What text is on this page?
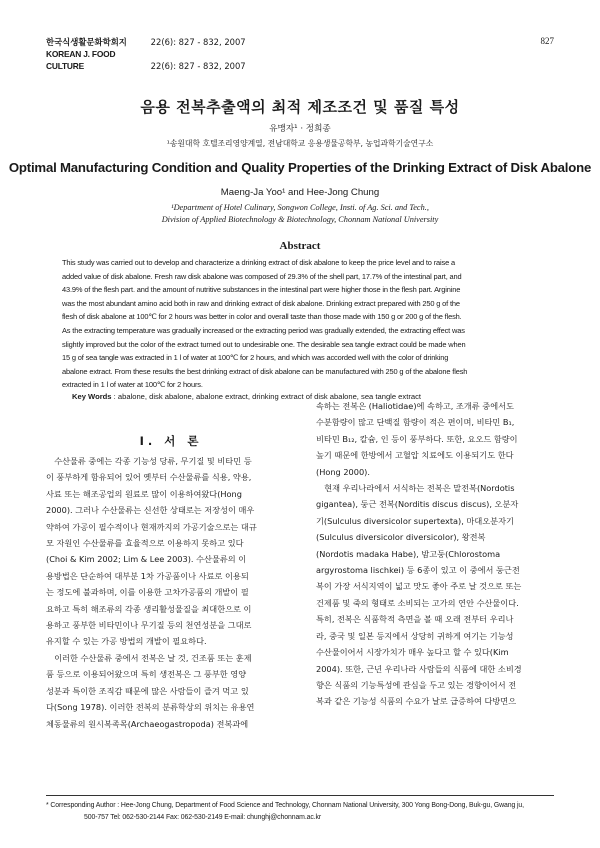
한국식생활문화학회지	22(6): 827 - 832, 2007
KOREAN J. FOOD CULTURE	22(6): 827 - 832, 2007
827
음용 전복추출액의 최적 제조조건 및 품질 특성
유맹자¹ · 정희종
¹송원대학 호텔조리영양계열, 전남대학교 응용생물공학부, 농업과학기술연구소
Optimal Manufacturing Condition and Quality Properties of the Drinking Extract of Disk Abalone
Maeng-Ja Yoo¹ and Hee-Jong Chung
¹Department of Hotel Culinary, Songwon College, Insti. of Ag. Sci. and Tech.,
Division of Applied Biotechnology & Biotechnology, Chonnam National University
Abstract
This study was carried out to develop and characterize a drinking extract of disk abalone to keep the price level and to raise a
added value of disk abalone. Fresh raw disk abalone was composed of 29.3% of the shell part, 17.7% of the intestinal part, and
43.9% of the flesh part. and the amount of nutritive substances in the intestinal part were higher those in the flesh part. Arginine
was the most abundant amino acid both in raw and drinking extract of disk abalone. Drinking extract prepared with 250 g of the
flesh of disk abalone at 100℃ for 2 hours was better in color and overall taste than those made with 150 g or 200 g of the flesh.
As the extracting temperature was gradually increased or the extracting period was gradually extended, the extracting effect was
slightly improved but the color of the extract turned out to undesirable one. The desirable sea tangle extract could be made when
15 g of sea tangle was extracted in 1 l of water at 100℃ for 2 hours, and which was accorded well with the color of drinking
abalone extract. From these results the best drinking extract of disk abalone can be manufactured with 250 g of the abalone flesh
extracted in 1 l of water at 100℃ for 2 hours.
Key Words : abalone, disk abalone, abalone extract, drinking extract of disk abalone, sea tangle extract
I. 서 론
　수산물류 중에는 각종 기능성 당류, 무기질 및 비타민 등
이 풍부하게 함유되어 있어 옛부터 수산물류를 식용, 약용,
사료 또는 해조공업의 원료로 많이 이용하여왔다(Hong
2000). 그러나 수산물류는 신선한 상태로는 저장성이 매우
약하여 가공이 필수적이나 현재까지의 가공기술으로는 대규
모 자원인 수산물류를 효율적으로 이용하지 못하고 있다
(Choi & Kim 2002; Lim & Lee 2003). 수산물류의 이
용방법은 단순하여 대부분 1차 가공품이나 사료로 이용되
는 정도에 불과하며, 이를 이용한 고차가공품의 개발이 필
요하고 특히 해조류의 각종 생리활성물질을 최대한으로 이
용하고 풍부한 비타민이나 무기질 등의 천연성분을 그대로
유지할 수 있는 가공 방법의 개발이 필요하다.
　이러한 수산물류 중에서 전복은 날 것, 건조품 또는 훈제
품 등으로 이용되어왔으며 특히 생전복은 그 풍부한 영양
성분과 특이한 조직감 때문에 많은 사람들이 즐겨 먹고 있
다(Song 1978). 이러한 전복의 분류학상의 위치는 유용연
체동물류의 원시복족목(Archaeogastropoda) 전복과에
속하는 전복은 (Haliotidae)에 속하고, 조개류 중에서도
수분함량이 많고 단백질 함량이 적은 편이며, 비타민 B₁,
비타민 B₁₂, 칼슘, 인 등이 풍부하다. 또한, 요오드 함량이
높기 때문에 한방에서 고혈압 치료에도 이용되기도 한다
(Hong 2000).
　현재 우리나라에서 서식하는 전복은 말전복(Nordotis
gigantea), 둥근 전복(Norditis discus discus), 오분자
기(Sulculus diversicolor supertexta), 마대오분자기
(Sulculus diversicolor diversicolor), 왕전복
(Nordotis madaka Habe), 밤고둥(Chlorostoma
argyrostoma lischkei) 등 6종이 있고 이 중에서 둥근전
복이 가장 서식지역이 넓고 맛도 좋아 주로 날 것으로 또는
건제품 및 죽의 형태로 소비되는 고가의 연안 수산물이다.
특히, 전복은 식품학적 측면을 볼 때 오래 전부터 우리나
라, 중국 및 일본 등지에서 상당히 귀하게 여기는 기능성
수산물이어서 시장가치가 매우 높다고 할 수 있다(Kim
2004). 또한, 근년 우리나라 사람들의 식품에 대한 소비경
향은 식품의 기능특성에 관심을 두고 있는 경향이어서 전
복과 같은 기능성 식품의 수요가 날로 급증하여 다방면으
* Corresponding Author : Hee-Jong Chung, Department of Food Science and Technology, Chonnam National University, 300 Yong Bong-Dong, Buk-gu, Gwang ju,
500-757 Tel: 062-530-2144 Fax: 062-530-2149 E-mail: chunghj@chonnam.ac.kr
